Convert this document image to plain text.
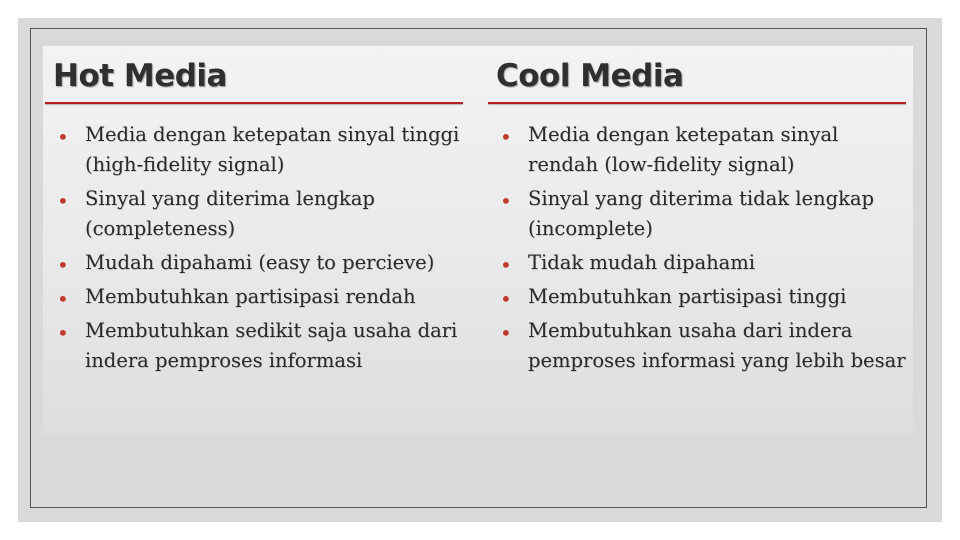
Hot Media
• Media dengan ketepatan sinyal tinggi (high-fidelity signal)
• Sinyal yang diterima lengkap (completeness)
• Mudah dipahami (easy to percieve)
• Membutuhkan partisipasi rendah
• Membutuhkan sedikit saja usaha dari indera pemproses informasi
Cool Media
• Media dengan ketepatan sinyal rendah (low-fidelity signal)
• Sinyal yang diterima tidak lengkap (incomplete)
• Tidak mudah dipahami
• Membutuhkan partisipasi tinggi
• Membutuhkan usaha dari indera pemproses informasi yang lebih besar
